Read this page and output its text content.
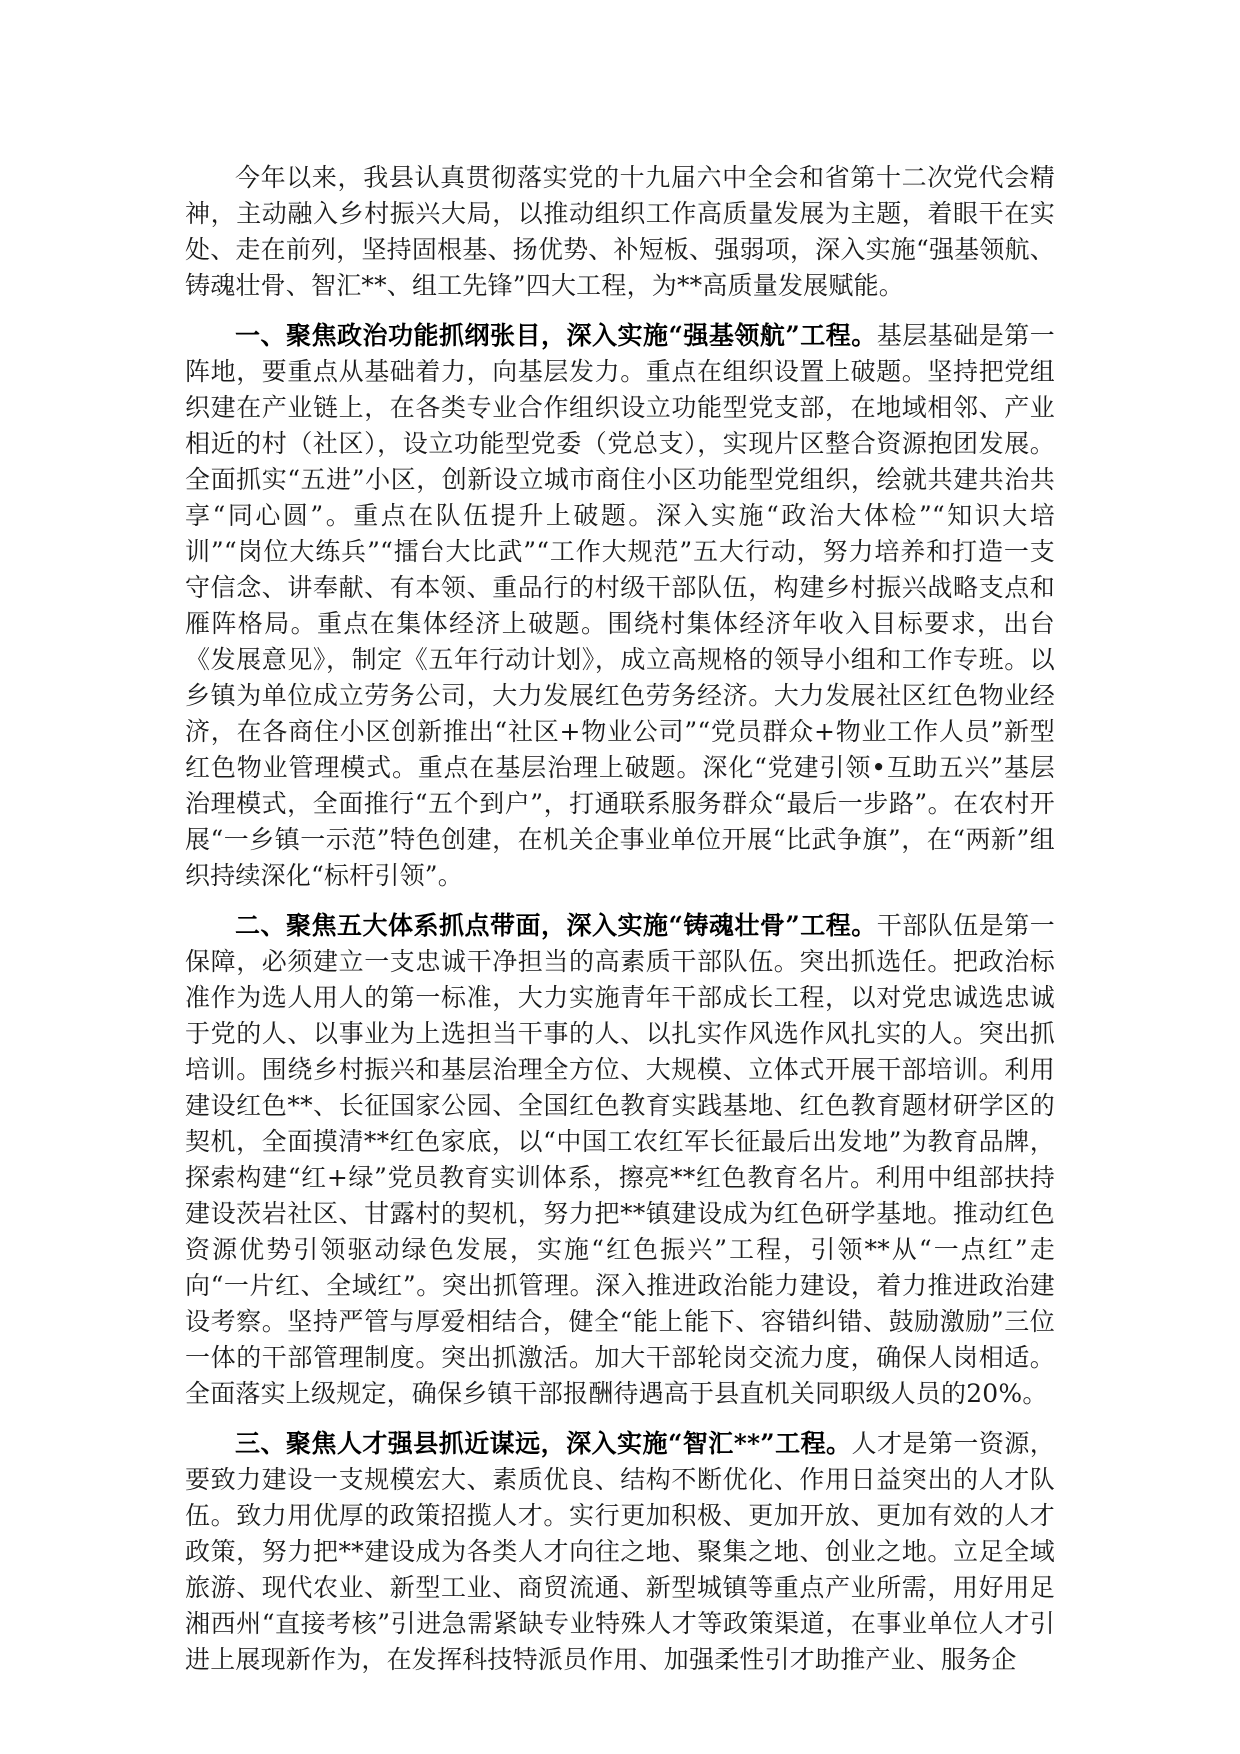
今年以来，我县认真贯彻落实党的十九届六中全会和省第十二次党代会精神，主动融入乡村振兴大局，以推动组织工作高质量发展为主题，着眼干在实处、走在前列，坚持固根基、扬优势、补短板、强弱项，深入实施“强基领航、铸魂壮骨、智汇**、组工先锋”四大工程，为**高质量发展赋能。

一、聚焦政治功能抓纲张目，深入实施“强基领航”工程。基层基础是第一阵地，要重点从基础着力，向基层发力。重点在组织设置上破题。坚持把党组织建在产业链上，在各类专业合作组织设立功能型党支部，在地域相邻、产业相近的村（社区），设立功能型党委（党总支），实现片区整合资源抱团发展。全面抓实“五进”小区，创新设立城市商住小区功能型党组织，绘就共建共治共享“同心圆”。重点在队伍提升上破题。深入实施“政治大体检”“知识大培训”“岗位大练兵”“擂台大比武”“工作大规范”五大行动，努力培养和打造一支守信念、讲奉献、有本领、重品行的村级干部队伍，构建乡村振兴战略支点和雁阵格局。重点在集体经济上破题。围绕村集体经济年收入目标要求，出台《发展意见》，制定《五年行动计划》，成立高规格的领导小组和工作专班。以乡镇为单位成立劳务公司，大力发展红色劳务经济。大力发展社区红色物业经济，在各商住小区创新推出“社区+物业公司”“党员群众+物业工作人员”新型红色物业管理模式。重点在基层治理上破题。深化“党建引领•互助五兴”基层治理模式，全面推行“五个到户”，打通联系服务群众“最后一步路”。在农村开展“一乡镇一示范”特色创建，在机关企事业单位开展“比武争旗”，在“两新”组织持续深化“标杆引领”。

二、聚焦五大体系抓点带面，深入实施“铸魂壮骨”工程。干部队伍是第一保障，必须建立一支忠诚干净担当的高素质干部队伍。突出抓选任。把政治标准作为选人用人的第一标准，大力实施青年干部成长工程，以对党忠诚选忠诚于党的人、以事业为上选担当干事的人、以扎实作风选作风扎实的人。突出抓培训。围绕乡村振兴和基层治理全方位、大规模、立体式开展干部培训。利用建设红色**、长征国家公园、全国红色教育实践基地、红色教育题材研学区的契机，全面摸清**红色家底，以“中国工农红军长征最后出发地”为教育品牌，探索构建“红+绿”党员教育实训体系，擦亮**红色教育名片。利用中组部扶持建设茨岩社区、甘露村的契机，努力把**镇建设成为红色研学基地。推动红色资源优势引领驱动绿色发展，实施“红色振兴”工程，引领**从“一点红”走向“一片红、全域红”。突出抓管理。深入推进政治能力建设，着力推进政治建设考察。坚持严管与厚爱相结合，健全“能上能下、容错纠错、鼓励激励”三位一体的干部管理制度。突出抓激活。加大干部轮岗交流力度，确保人岗相适。全面落实上级规定，确保乡镇干部报酬待遇高于县直机关同职级人员的20%。

三、聚焦人才强县抓近谋远，深入实施“智汇**”工程。人才是第一资源，要致力建设一支规模宏大、素质优良、结构不断优化、作用日益突出的人才队伍。致力用优厚的政策招揽人才。实行更加积极、更加开放、更加有效的人才政策，努力把**建设成为各类人才向往之地、聚集之地、创业之地。立足全域旅游、现代农业、新型工业、商贸流通、新型城镇等重点产业所需，用好用足湘西州“直接考核”引进急需紧缺专业特殊人才等政策渠道，在事业单位人才引进上展现新作为，在发挥科技特派员作用、加强柔性引才助推产业、服务企
